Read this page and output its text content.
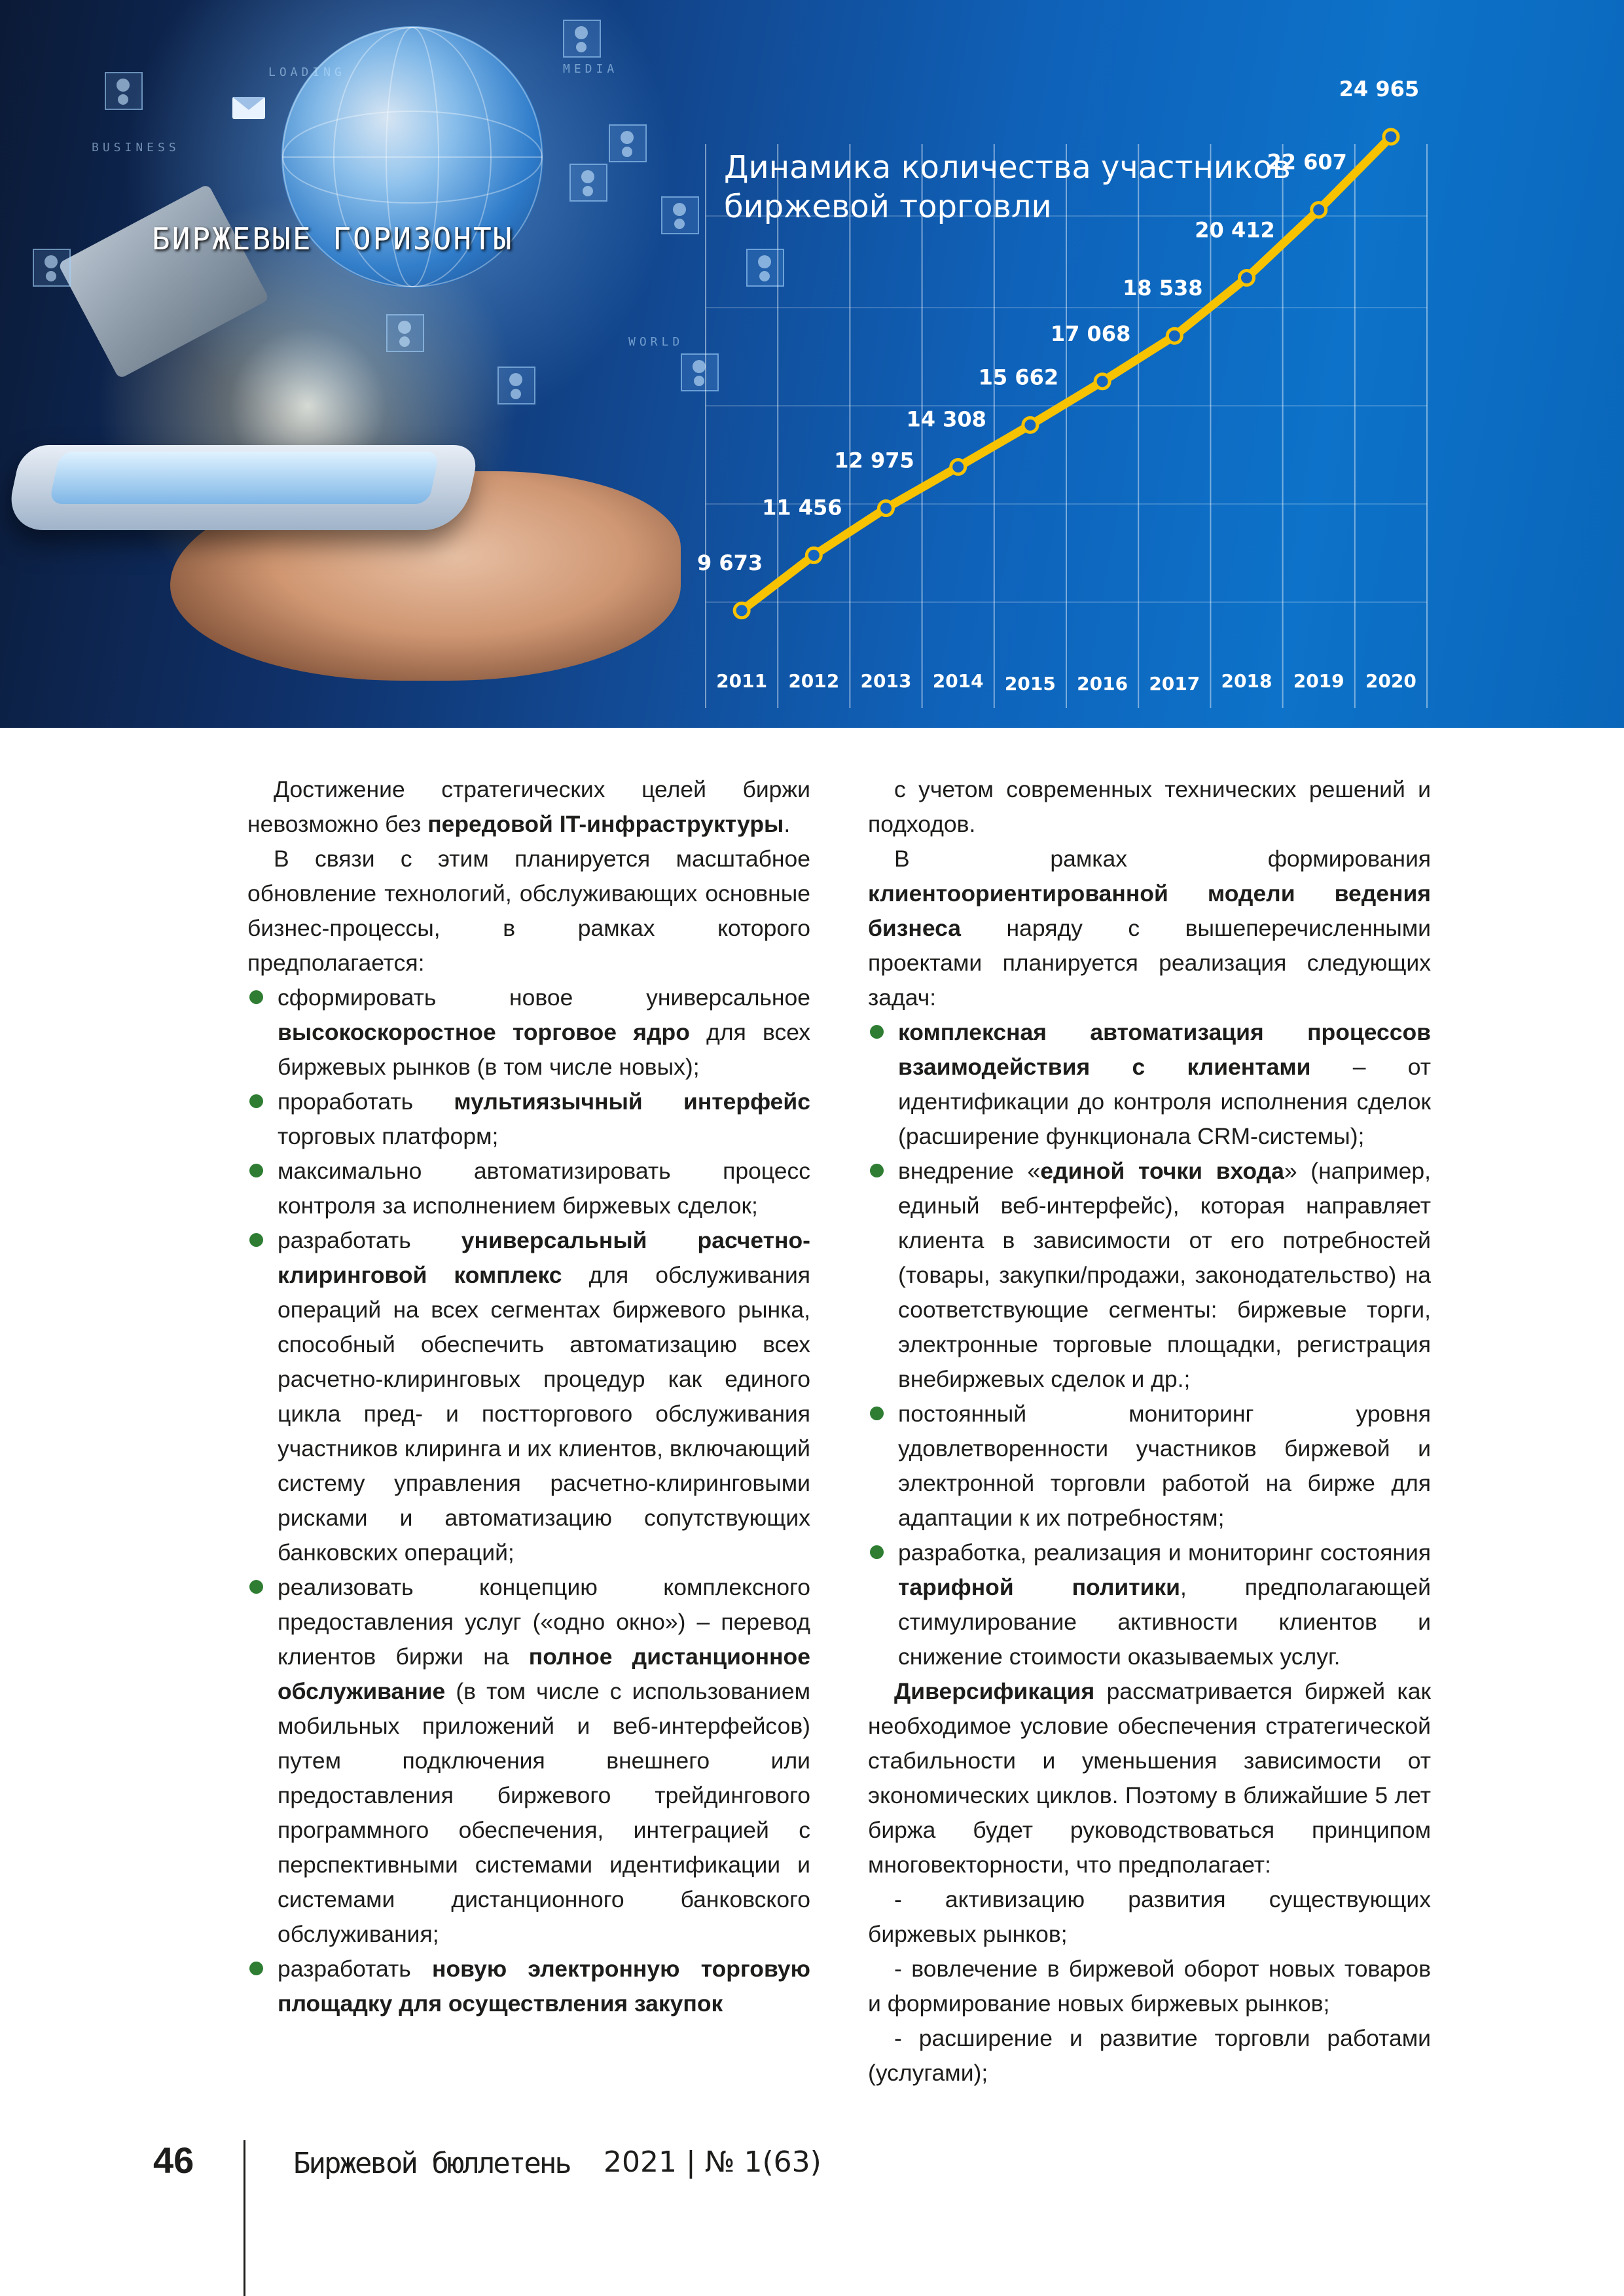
LOADING	MEDIA
BUSINESS
WORLD
БИРЖЕВЫЕ ГОРИЗОНТЫ
Динамика количества участников
биржевой торговли
9 673
2011
11 456
2012
12 975
2013
14 308
2014
15 662
2015
17 068
2016
18 538
2017
20 412
2018
22 607
2019
24 965
2020

Достижение стратегических целей биржи невозможно без передовой IT-инфраструктуры.

В связи с этим планируется масштабное обновление технологий, обслуживающих основные бизнес-процессы, в рамках которого предполагается:

сформировать новое универсальное высокоскоростное торговое ядро для всех биржевых рынков (в том числе новых);
проработать мультиязычный интерфейс торговых платформ;
максимально автоматизировать процесс контроля за исполнением биржевых сделок;
разработать универсальный расчетно-клиринговой комплекс для обслуживания операций на всех сегментах биржевого рынка, способный обеспечить автоматизацию всех расчетно-клиринговых процедур как единого цикла пред- и постторгового обслуживания участников клиринга и их клиентов, включающий систему управления расчетно-клиринговыми рисками и автоматизацию сопутствующих банковских операций;
реализовать концепцию комплексного предоставления услуг («одно окно») – перевод клиентов биржи на полное дистанционное обслуживание (в том числе с использованием мобильных приложений и веб-интерфейсов) путем подключения внешнего или предоставления биржевого трейдингового программного обеспечения, интеграцией с перспективными системами идентификации и системами дистанционного банковского обслуживания;
разработать новую электронную торговую площадку для осуществления закупок

с учетом современных технических решений и подходов.

В рамках формирования клиентоориентированной модели ведения бизнеса наряду с вышеперечисленными проектами планируется реализация следующих задач:

комплексная автоматизация процессов взаимодействия с клиентами – от идентификации до контроля исполнения сделок (расширение функционала CRM-системы);
внедрение «единой точки входа» (например, единый веб-интерфейс), которая направляет клиента в зависимости от его потребностей (товары, закупки/продажи, законодательство) на соответствующие сегменты: биржевые торги, электронные торговые площадки, регистрация внебиржевых сделок и др.;
постоянный мониторинг уровня удовлетворенности участников биржевой и электронной торговли работой на бирже для адаптации к их потребностям;
разработка, реализация и мониторинг состояния тарифной политики, предполагающей стимулирование активности клиентов и снижение стоимости оказываемых услуг.

Диверсификация рассматривается биржей как необходимое условие обеспечения стратегической стабильности и уменьшения зависимости от экономических циклов. Поэтому в ближайшие 5 лет биржа будет руководствоваться принципом многовекторности, что предполагает:

- активизацию развития существующих биржевых рынков;

- вовлечение в биржевой оборот новых товаров и формирование новых биржевых рынков;

- расширение и развитие торговли работами (услугами);

46	Биржевой бюллетень 2021 | № 1(63)
